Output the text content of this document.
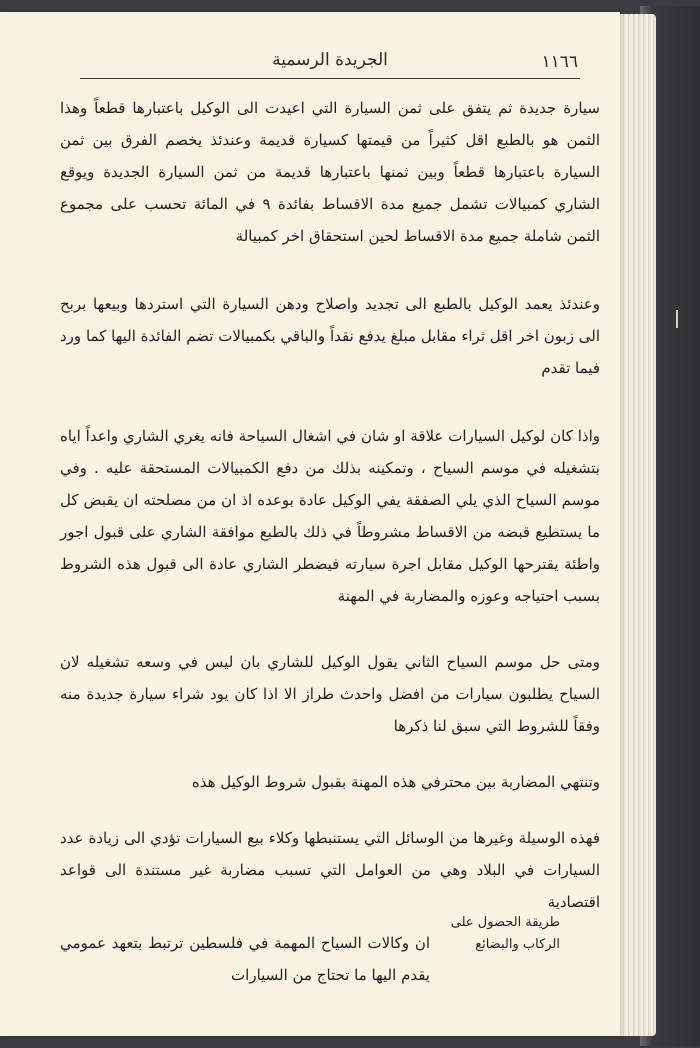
١١٦٦
الجريدة الرسمية

سيارة جديدة ثم يتفق على ثمن السيارة التي اعيدت الى الوكيل باعتبارها قطعاً وهذا الثمن هو بالطبع اقل كثيراً من قيمتها كسيارة قديمة وعندئذ يخصم الفرق بين ثمن السيارة باعتبارها قطعاً وبين ثمنها باعتبارها قديمة من ثمن السيارة الجديدة ويوقع الشاري كمبيالات تشمل جميع مدة الاقساط بفائدة ٩ في المائة تحسب على مجموع الثمن شاملة جميع مدة الاقساط لحين استحقاق اخر كمبيالة

وعندئذ يعمد الوكيل بالطبع الى تجديد واصلاح ودهن السيارة التي استردها وبيعها بربح الى زبون اخر اقل ثراء مقابل مبلغ يدفع نقداً والباقي بكمبيالات تضم الفائدة اليها كما ورد فيما تقدم

واذا كان لوكيل السيارات علاقة او شان في اشغال السياحة فانه يغري الشاري واعداً اياه بتشغيله في موسم السياح ، وتمكينه بذلك من دفع الكمبيالات المستحقة عليه . وفي موسم السياح الذي يلي الصفقة يفي الوكيل عادة بوعده اذ ان من مصلحته ان يقبض كل ما يستطيع قبضه من الاقساط مشروطاً في ذلك بالطبع موافقة الشاري على قبول اجور واطئة يقترحها الوكيل مقابل اجرة سيارته فيضطر الشاري عادة الى قبول هذه الشروط بسبب احتياجه وعوزه والمضاربة في المهنة

ومتى حل موسم السياح الثاني يقول الوكيل للشاري بان ليس في وسعه تشغيله لان السياح يطلبون سيارات من افضل واحدث طراز الا اذا كان يود شراء سيارة جديدة منه وفقاً للشروط التي سبق لنا ذكرها

وتنتهي المضاربة بين محترفي هذه المهنة بقبول شروط الوكيل هذه

فهذه الوسيلة وغيرها من الوسائل التي يستنبطها وكلاء بيع السيارات تؤدي الى زيادة عدد السيارات في البلاد وهي من العوامل التي تسبب مضاربة غير مستندة الى قواعد اقتصادية

ان وكالات السياح المهمة في فلسطين ترتبط بتعهد عمومي يقدم اليها ما تحتاج من السيارات

طريقة الحصول على الركاب والبضائع
